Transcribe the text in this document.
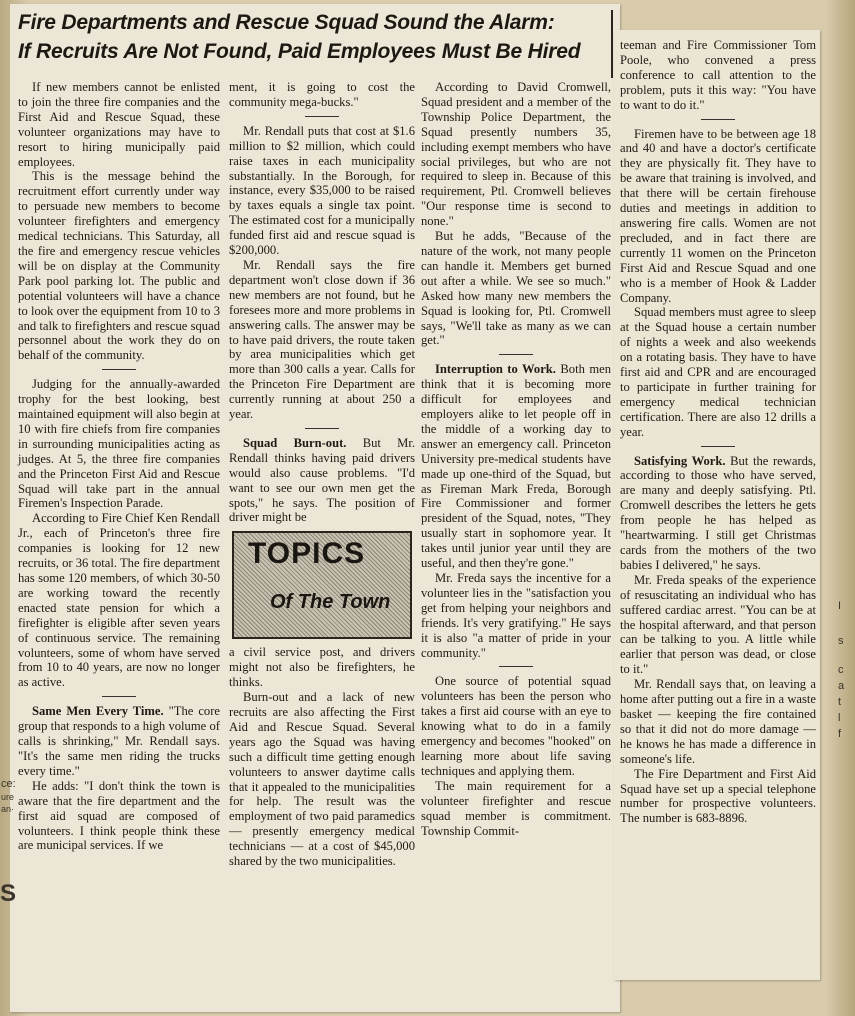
ce:
ure
an·
S
I
s
c
a
t
l
f
Fire Departments and Rescue Squad Sound the Alarm:
If Recruits Are Not Found, Paid Employees Must Be Hired

If new members cannot be enlisted to join the three fire companies and the First Aid and Rescue Squad, these volunteer organizations may have to resort to hiring municipally paid employees.

This is the message behind the recruitment effort currently under way to persuade new members to become volunteer firefighters and emergency medical technicians. This Saturday, all the fire and emergency rescue vehicles will be on display at the Community Park pool parking lot. The public and potential volunteers will have a chance to look over the equipment from 10 to 3 and talk to firefighters and rescue squad personnel about the work they do on behalf of the community.

Judging for the annually-awarded trophy for the best looking, best maintained equipment will also begin at 10 with fire chiefs from fire companies in surrounding municipalities acting as judges. At 5, the three fire companies and the Princeton First Aid and Rescue Squad will take part in the annual Firemen's Inspection Parade.

According to Fire Chief Ken Rendall Jr., each of Princeton's three fire companies is looking for 12 new recruits, or 36 total. The fire department has some 120 members, of which 30-50 are working toward the recently enacted state pension for which a firefighter is eligible after seven years of continuous service. The remaining volunteers, some of whom have served from 10 to 40 years, are now no longer as active.

Same Men Every Time. "The core group that responds to a high volume of calls is shrinking," Mr. Rendall says. "It's the same men riding the trucks every time."

He adds: "I don't think the town is aware that the fire department and the first aid squad are composed of volunteers. I think people think these are municipal services. If we

ment, it is going to cost the community mega-bucks."

Mr. Rendall puts that cost at $1.6 million to $2 million, which could raise taxes in each municipality substantially. In the Borough, for instance, every $35,000 to be raised by taxes equals a single tax point. The estimated cost for a municipally funded first aid and rescue squad is $200,000.

Mr. Rendall says the fire department won't close down if 36 new members are not found, but he foresees more and more problems in answering calls. The answer may be to have paid drivers, the route taken by area municipalities which get more than 300 calls a year. Calls for the Princeton Fire Department are currently running at about 250 a year.

Squad Burn-out. But Mr. Rendall thinks having paid drivers would also cause problems. "I'd want to see our own men get the spots," he says. The position of driver might be

TOPICS
Of The Town

a civil service post, and drivers might not also be firefighters, he thinks.

Burn-out and a lack of new recruits are also affecting the First Aid and Rescue Squad. Several years ago the Squad was having such a difficult time getting enough volunteers to answer daytime calls that it appealed to the municipalities for help. The result was the employment of two paid paramedics — presently emergency medical technicians — at a cost of $45,000 shared by the two municipalities.

According to David Cromwell, Squad president and a member of the Township Police Department, the Squad presently numbers 35, including exempt members who have social privileges, but who are not required to sleep in. Because of this requirement, Ptl. Cromwell believes "Our response time is second to none."

But he adds, "Because of the nature of the work, not many people can handle it. Members get burned out after a while. We see so much." Asked how many new members the Squad is looking for, Ptl. Cromwell says, "We'll take as many as we can get."

Interruption to Work. Both men think that it is becoming more difficult for employees and employers alike to let people off in the middle of a working day to answer an emergency call. Princeton University pre-medical students have made up one-third of the Squad, but as Fireman Mark Freda, Borough Fire Commissioner and former president of the Squad, notes, "They usually start in sophomore year. It takes until junior year until they are useful, and then they're gone."

Mr. Freda says the incentive for a volunteer lies in the "satisfaction you get from helping your neighbors and friends. It's very gratifying." He says it is also "a matter of pride in your community."

One source of potential squad volunteers has been the person who takes a first aid course with an eye to knowing what to do in a family emergency and becomes "hooked" on learning more about life saving techniques and applying them.

The main requirement for a volunteer firefighter and rescue squad member is commitment. Township Commit-

teeman and Fire Commissioner Tom Poole, who convened a press conference to call attention to the problem, puts it this way: "You have to want to do it."

Firemen have to be between age 18 and 40 and have a doctor's certificate they are physically fit. They have to be aware that training is involved, and that there will be certain firehouse duties and meetings in addition to answering fire calls. Women are not precluded, and in fact there are currently 11 women on the Princeton First Aid and Rescue Squad and one who is a member of Hook & Ladder Company.

Squad members must agree to sleep at the Squad house a certain number of nights a week and also weekends on a rotating basis. They have to have first aid and CPR and are encouraged to participate in further training for emergency medical technician certification. There are also 12 drills a year.

Satisfying Work. But the rewards, according to those who have served, are many and deeply satisfying. Ptl. Cromwell describes the letters he gets from people he has helped as "heartwarming. I still get Christmas cards from the mothers of the two babies I delivered," he says.

Mr. Freda speaks of the experience of resuscitating an individual who has suffered cardiac arrest. "You can be at the hospital afterward, and that person can be talking to you. A little while earlier that person was dead, or close to it."

Mr. Rendall says that, on leaving a home after putting out a fire in a waste basket — keeping the fire contained so that it did not do more damage — he knows he has made a difference in someone's life.

The Fire Department and First Aid Squad have set up a special telephone number for prospective volunteers. The number is 683-8896.
